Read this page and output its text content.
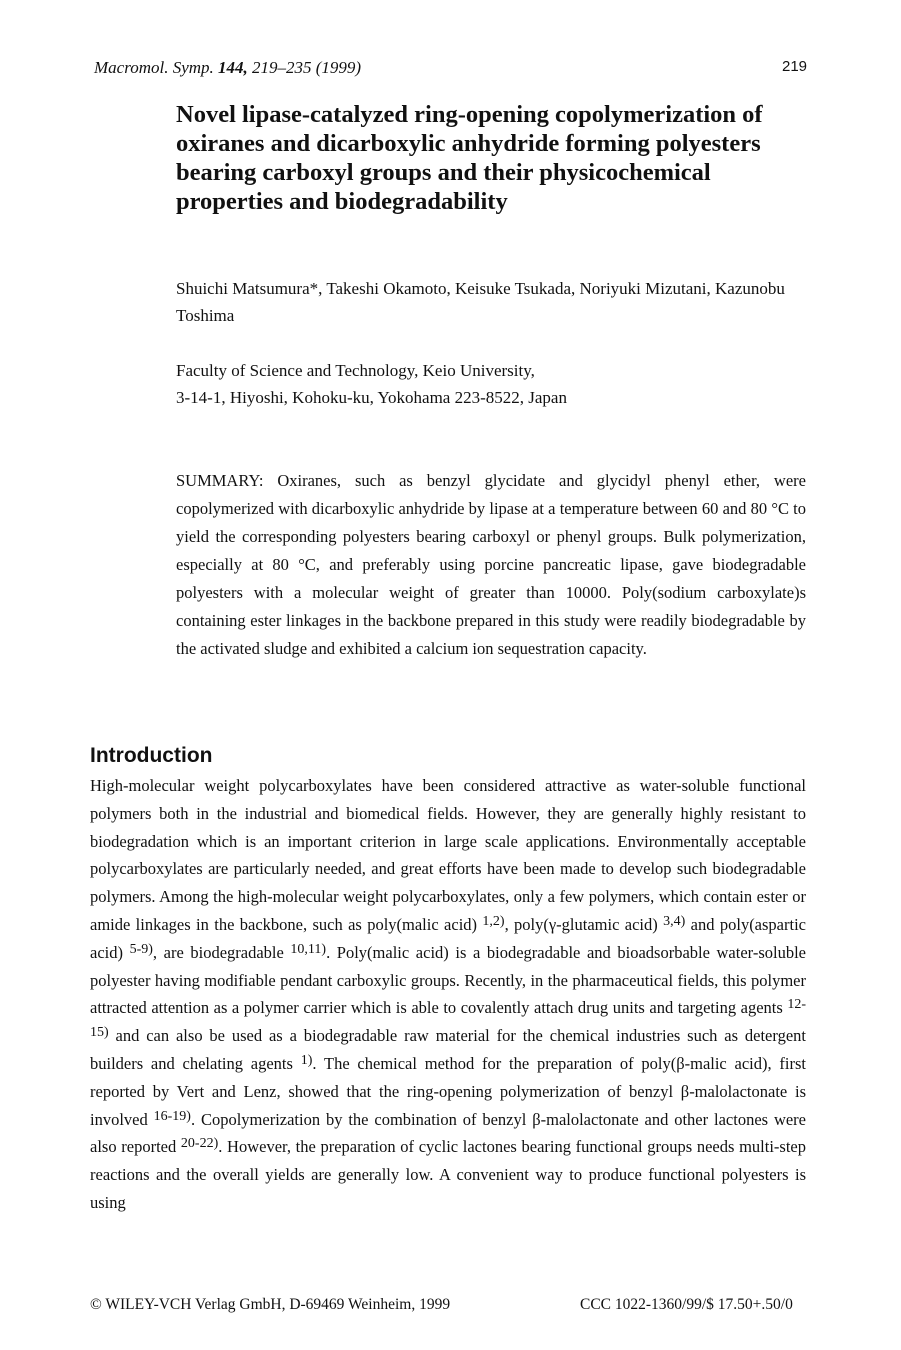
Macromol. Symp. 144, 219–235 (1999)	219
Novel lipase-catalyzed ring-opening copolymerization of oxiranes and dicarboxylic anhydride forming polyesters bearing carboxyl groups and their physicochemical properties and biodegradability
Shuichi Matsumura*, Takeshi Okamoto, Keisuke Tsukada, Noriyuki Mizutani, Kazunobu Toshima
Faculty of Science and Technology, Keio University,
3-14-1, Hiyoshi, Kohoku-ku, Yokohama 223-8522, Japan
SUMMARY: Oxiranes, such as benzyl glycidate and glycidyl phenyl ether, were copolymerized with dicarboxylic anhydride by lipase at a temperature between 60 and 80 °C to yield the corresponding polyesters bearing carboxyl or phenyl groups. Bulk polymerization, especially at 80 °C, and preferably using porcine pancreatic lipase, gave biodegradable polyesters with a molecular weight of greater than 10000. Poly(sodium carboxylate)s containing ester linkages in the backbone prepared in this study were readily biodegradable by the activated sludge and exhibited a calcium ion sequestration capacity.
Introduction
High-molecular weight polycarboxylates have been considered attractive as water-soluble functional polymers both in the industrial and biomedical fields. However, they are generally highly resistant to biodegradation which is an important criterion in large scale applications. Environmentally acceptable polycarboxylates are particularly needed, and great efforts have been made to develop such biodegradable polymers. Among the high-molecular weight polycarboxylates, only a few polymers, which contain ester or amide linkages in the backbone, such as poly(malic acid) $^{1,2)}$, poly(γ-glutamic acid) $^{3,4)}$ and poly(aspartic acid) $^{5-9)}$, are biodegradable $^{10,11)}$. Poly(malic acid) is a biodegradable and bioadsorbable water-soluble polyester having modifiable pendant carboxylic groups. Recently, in the pharmaceutical fields, this polymer attracted attention as a polymer carrier which is able to covalently attach drug units and targeting agents $^{12-15)}$ and can also be used as a biodegradable raw material for the chemical industries such as detergent builders and chelating agents $^{1)}$. The chemical method for the preparation of poly(β-malic acid), first reported by Vert and Lenz, showed that the ring-opening polymerization of benzyl β-malolactonate is involved $^{16-19)}$. Copolymerization by the combination of benzyl β-malolactonate and other lactones were also reported $^{20-22)}$. However, the preparation of cyclic lactones bearing functional groups needs multi-step reactions and the overall yields are generally low. A convenient way to produce functional polyesters is using
© WILEY-VCH Verlag GmbH, D-69469 Weinheim, 1999	CCC 1022-1360/99/$ 17.50+.50/0
